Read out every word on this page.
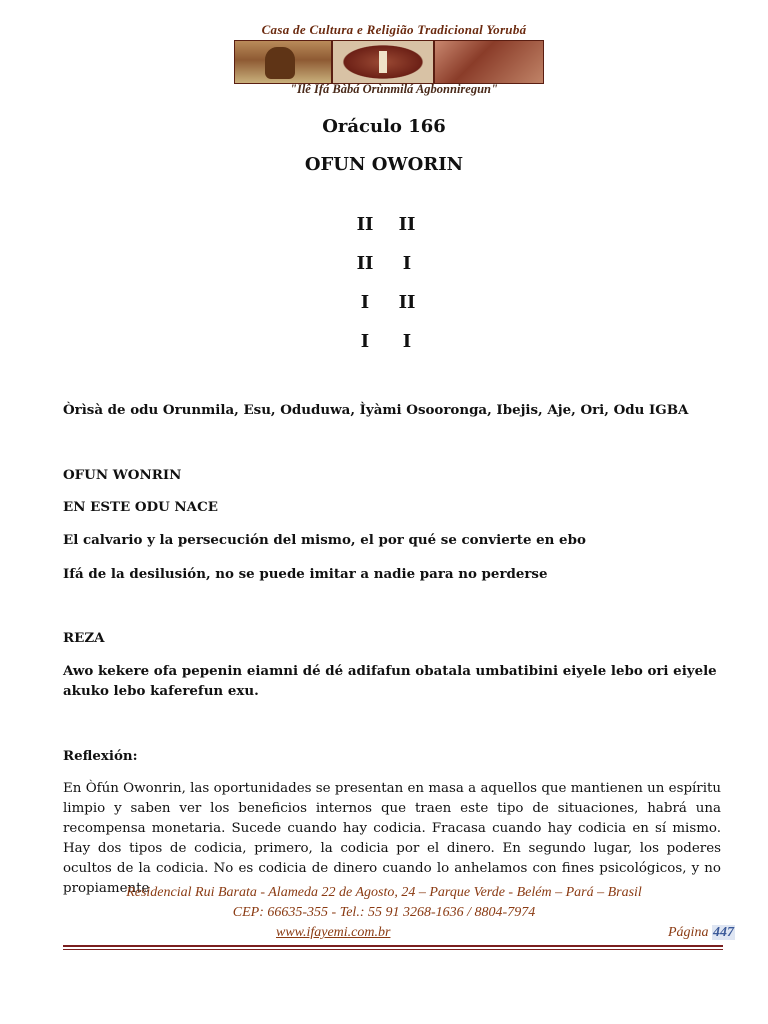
Casa de Cultura e Religião Tradicional Yorubá
"Ilê Ifá Bàbá Orùnmilá Agbonniregun"
Oráculo 166
OFUN OWORIN
II	II
II	I
I	II
I	I
Òrìsà de odu Orunmila, Esu, Oduduwa, Ìyàmi Osooronga, Ibejis, Aje, Ori, Odu IGBA
OFUN WONRIN
EN ESTE ODU NACE
El calvario y la persecución del mismo, el por qué se convierte en ebo
Ifá de la desilusión, no se puede imitar a nadie para no perderse
REZA
Awo kekere ofa pepenin eiamni dé dé adifafun obatala umbatibini eiyele lebo ori eiyele akuko lebo kaferefun exu.
Reflexión:
En Òfún Owonrin, las oportunidades se presentan en masa a aquellos que mantienen un espíritu limpio y saben ver los beneficios internos que traen este tipo de situaciones, habrá una recompensa monetaria. Sucede cuando hay codicia. Fracasa cuando hay codicia en sí mismo. Hay dos tipos de codicia, primero, la codicia por el dinero. En segundo lugar, los poderes ocultos de la codicia. No es codicia de dinero cuando lo anhelamos con fines psicológicos, y no propiamente
Residencial Rui Barata - Alameda 22 de Agosto, 24 – Parque Verde - Belém – Pará – Brasil
CEP: 66635-355 - Tel.: 55 91 3268-1636 / 8804-7974
www.ifayemi.com.br	Página 447
